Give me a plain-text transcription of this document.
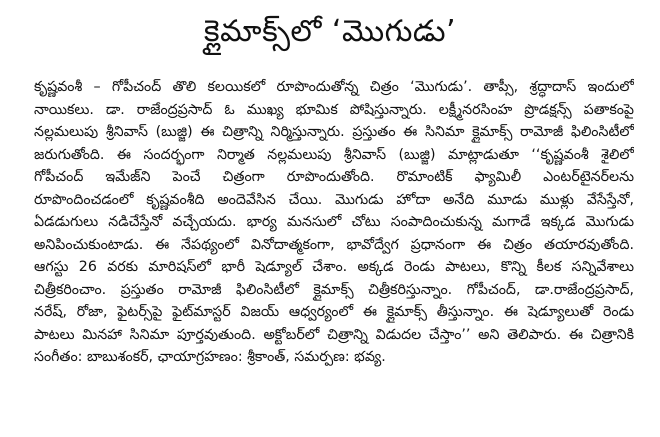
క్లైమాక్స్‌లో ‘మొగుడు’
కృష్ణవంశీ – గోపీచంద్ తొలి కలయికలో రూపొందుతోన్న చిత్రం ‘మొగుడు’. తాప్సీ, శ్రద్ధాదాస్ ఇందులో
నాయికలు. డా. రాజేంద్రప్రసాద్ ఓ ముఖ్య భూమిక పోషిస్తున్నారు. లక్ష్మీనరసింహ ప్రొడక్షన్స్ పతాకంపై
నల్లమలుపు శ్రీనివాస్ (బుజ్జి) ఈ చిత్రాన్ని నిర్మిస్తున్నారు. ప్రస్తుతం ఈ సినిమా క్లైమాక్స్ రామోజీ ఫిలింసిటీలో
జరుగుతోంది. ఈ సందర్భంగా నిర్మాత నల్లమలుపు శ్రీనివాస్ (బుజ్జి) మాట్లాడుతూ ‘‘కృష్ణవంశీ శైలిలో
గోపీచంద్ ఇమేజ్‌ని పెంచే చిత్రంగా రూపొందుతోంది. రొమాంటిక్ ఫ్యామిలీ ఎంటర్‌టైనర్‌లను
రూపొందించడంలో కృష్ణవంశీది అందెవేసిన చేయి. మొగుడు హోదా అనేది మూడు ముళ్లు వేసేస్తేనో,
ఏడడుగులు నడిచేస్తేనో వచ్చేయదు. భార్య మనసులో చోటు సంపాదించుకున్న మగాడే ఇక్కడ మొగుడు
అనిపించుకుంటాడు. ఈ నేపథ్యంలో వినోదాత్మకంగా, భావోద్వేగ ప్రధానంగా ఈ చిత్రం తయారవుతోంది.
ఆగస్టు 26 వరకు మారిషస్‌లో భారీ షెడ్యూల్ చేశాం. అక్కడ రెండు పాటలు, కొన్ని కీలక సన్నివేశాలు
చిత్రీకరించాం. ప్రస్తుతం రామోజీ ఫిలింసిటీలో క్లైమాక్స్ చిత్రీకరిస్తున్నాం. గోపీచంద్, డా.రాజేంద్రప్రసాద్,
నరేష్, రోజా, ఫైటర్స్‌పై ఫైట్‌మాస్టర్ విజయ్ ఆధ్వర్యంలో ఈ క్లైమాక్స్ తీస్తున్నాం. ఈ షెడ్యూలుతో రెండు
పాటలు మినహా సినిమా పూర్తవుతుంది. అక్టోబర్‌లో చిత్రాన్ని విడుదల చేస్తాం’’ అని తెలిపారు. ఈ చిత్రానికి
సంగీతం: బాబుశంకర్, ఛాయాగ్రహణం: శ్రీకాంత్, సమర్పణ: భవ్య.
